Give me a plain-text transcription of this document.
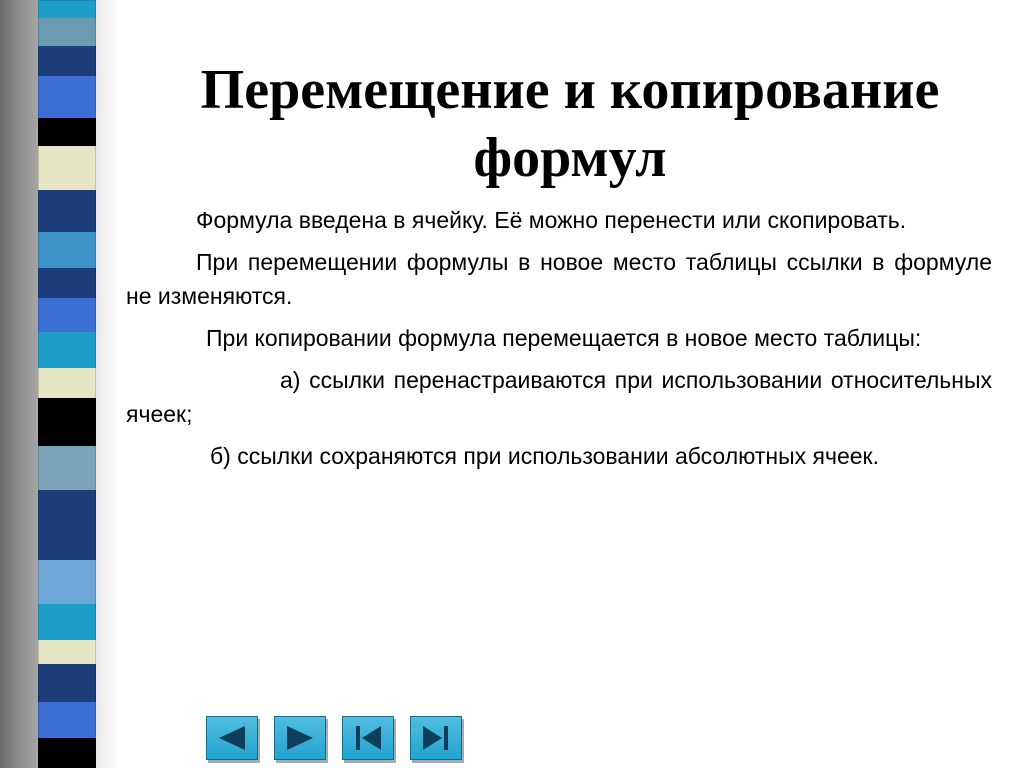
Перемещение и копирование
формул

Формула введена в ячейку. Её можно перенести или скопировать.

При перемещении формулы в новое место таблицы ссылки в формуле не изменяются.

При копировании формула перемещается в новое место таблицы:

а) ссылки перенастраиваются при использовании относительных ячеек;

б) ссылки сохраняются при использовании абсолютных ячеек.
